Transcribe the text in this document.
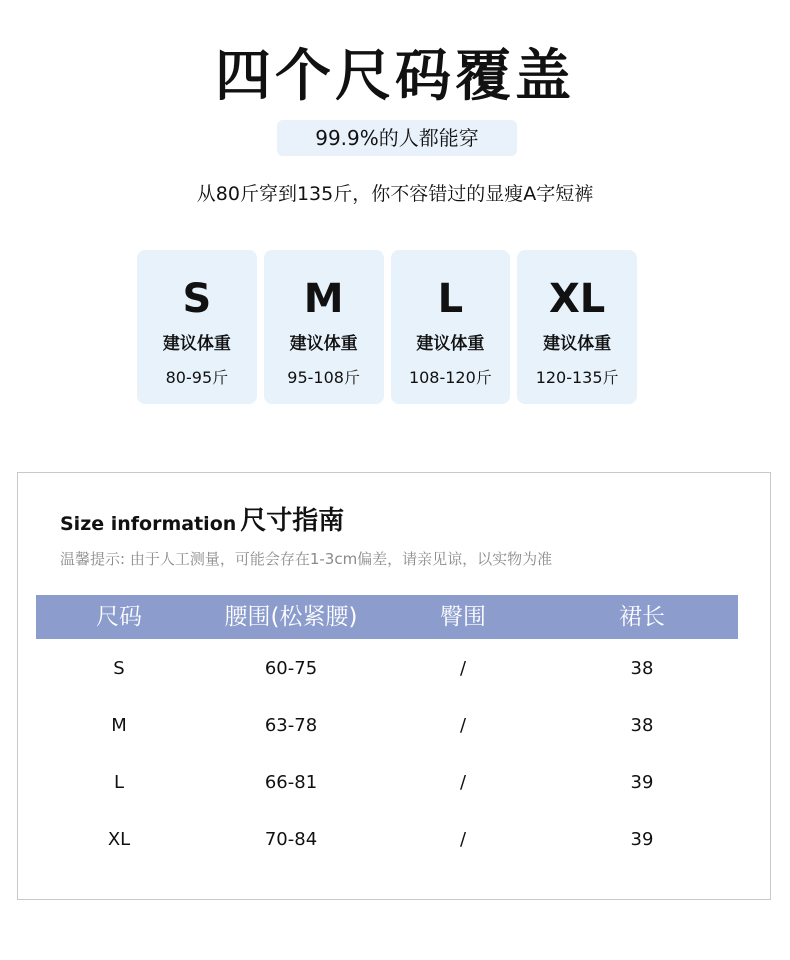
四个尺码覆盖
99.9%的人都能穿
从80斤穿到135斤，你不容错过的显瘦A字短裤
S
建议体重
80-95斤
M
建议体重
95-108斤
L
建议体重
108-120斤
XL
建议体重
120-135斤
Size information 尺寸指南
温馨提示: 由于人工测量，可能会存在1-3cm偏差，请亲见谅，以实物为准
尺码	腰围(松紧腰)	臀围	裙长
S	60-75	/	38
M	63-78	/	38
L	66-81	/	39
XL	70-84	/	39
